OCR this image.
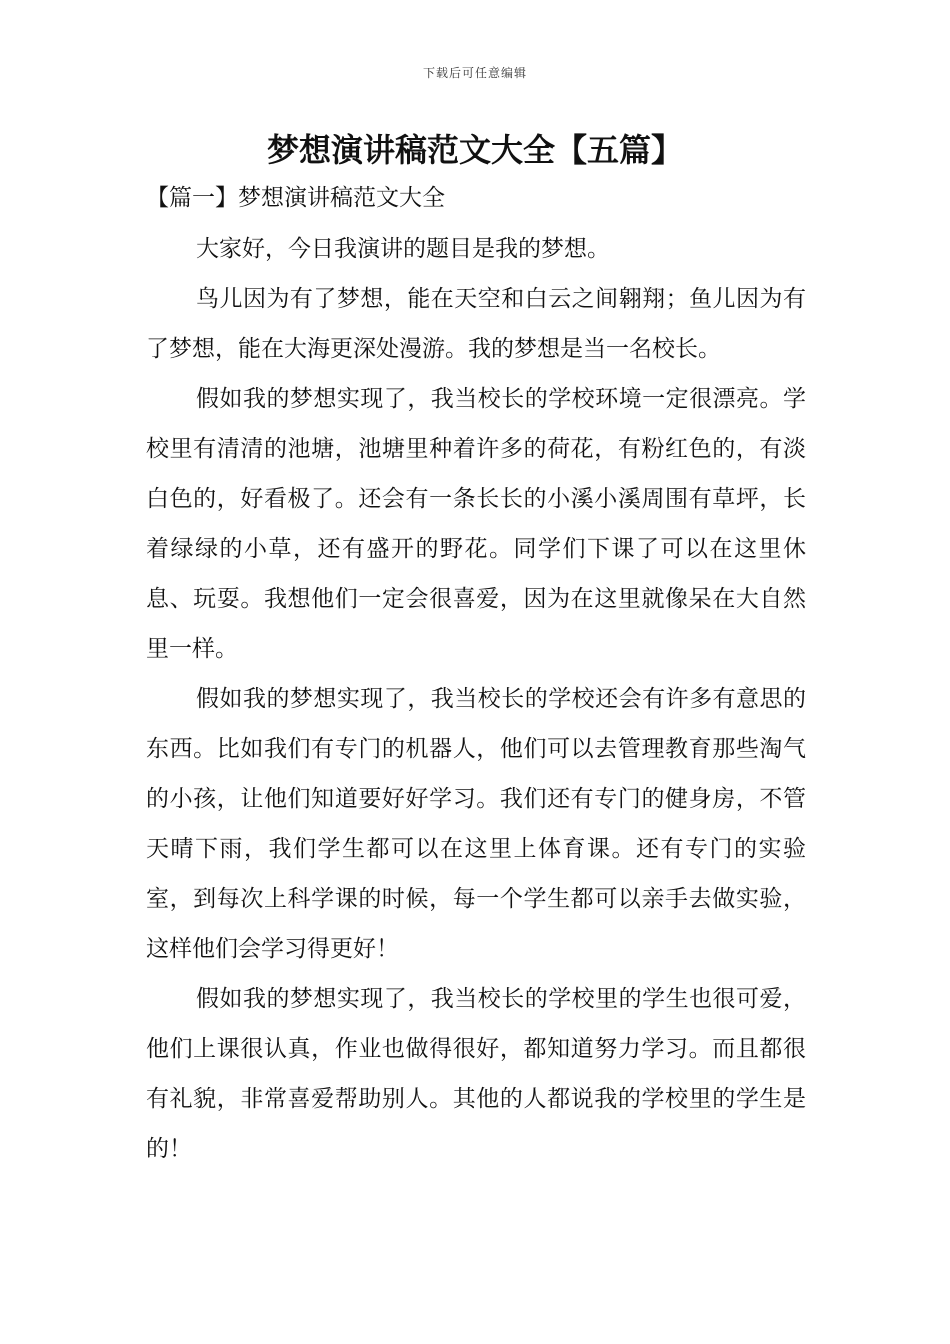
下载后可任意编辑
梦想演讲稿范文大全【五篇】
【篇一】梦想演讲稿范文大全

大家好，今日我演讲的题目是我的梦想。

鸟儿因为有了梦想，能在天空和白云之间翱翔；鱼儿因为有了梦想，能在大海更深处漫游。我的梦想是当一名校长。

假如我的梦想实现了，我当校长的学校环境一定很漂亮。学校里有清清的池塘，池塘里种着许多的荷花，有粉红色的，有淡白色的，好看极了。还会有一条长长的小溪小溪周围有草坪，长着绿绿的小草，还有盛开的野花。同学们下课了可以在这里休息、玩耍。我想他们一定会很喜爱，因为在这里就像呆在大自然里一样。

假如我的梦想实现了，我当校长的学校还会有许多有意思的东西。比如我们有专门的机器人，他们可以去管理教育那些淘气的小孩，让他们知道要好好学习。我们还有专门的健身房，不管天晴下雨，我们学生都可以在这里上体育课。还有专门的实验室，到每次上科学课的时候，每一个学生都可以亲手去做实验，这样他们会学习得更好！

假如我的梦想实现了，我当校长的学校里的学生也很可爱，他们上课很认真，作业也做得很好，都知道努力学习。而且都很有礼貌，非常喜爱帮助别人。其他的人都说我的学校里的学生是的！
